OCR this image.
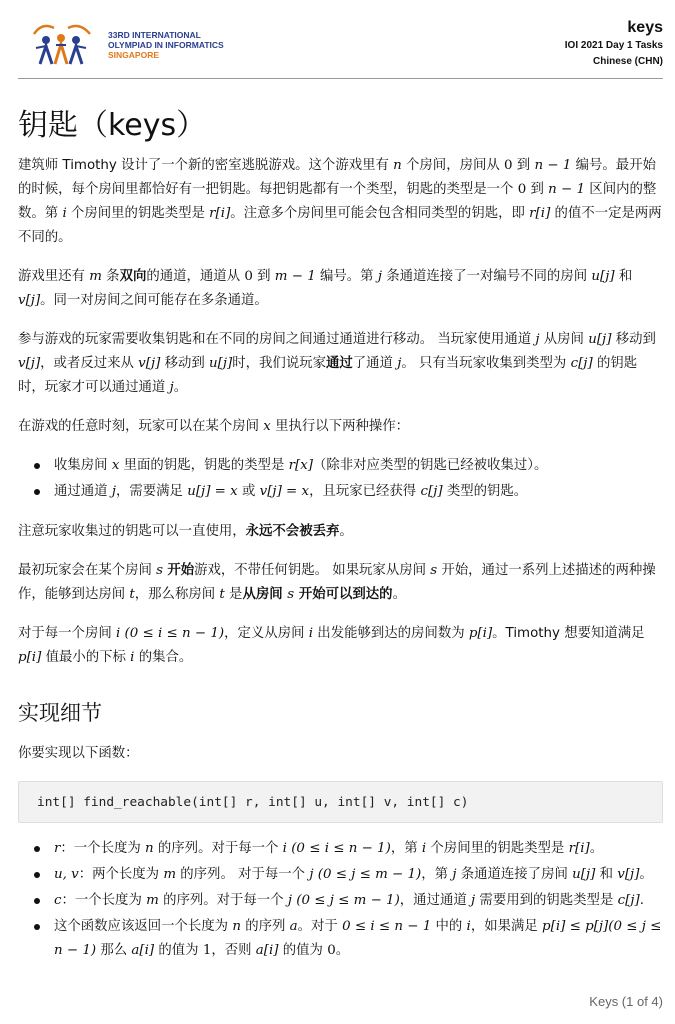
33RD INTERNATIONAL
OLYMPIAD IN INFORMATICS
SINGAPORE
keys
IOI 2021 Day 1 Tasks
Chinese (CHN)
钥匙（keys）

建筑师 Timothy 设计了一个新的密室逃脱游戏。这个游戏里有 n 个房间，房间从 0 到 n − 1 编号。最开始的时候，每个房间里都恰好有一把钥匙。每把钥匙都有一个类型，钥匙的类型是一个 0 到 n − 1 区间内的整数。第 i 个房间里的钥匙类型是 r[i]。注意多个房间里可能会包含相同类型的钥匙，即 r[i] 的值不一定是两两不同的。

游戏里还有 m 条双向的通道，通道从 0 到 m − 1 编号。第 j 条通道连接了一对编号不同的房间 u[j] 和 v[j]。同一对房间之间可能存在多条通道。

参与游戏的玩家需要收集钥匙和在不同的房间之间通过通道进行移动。 当玩家使用通道 j 从房间 u[j] 移动到 v[j]，或者反过来从 v[j] 移动到 u[j]时，我们说玩家通过了通道 j。 只有当玩家收集到类型为 c[j] 的钥匙时，玩家才可以通过通道 j。

在游戏的任意时刻，玩家可以在某个房间 x 里执行以下两种操作：

收集房间 x 里面的钥匙，钥匙的类型是 r[x]（除非对应类型的钥匙已经被收集过）。
通过通道 j，需要满足 u[j] = x 或 v[j] = x，且玩家已经获得 c[j] 类型的钥匙。

注意玩家收集过的钥匙可以一直使用，永远不会被丢弃。

最初玩家会在某个房间 s 开始游戏，不带任何钥匙。 如果玩家从房间 s 开始，通过一系列上述描述的两种操作，能够到达房间 t，那么称房间 t 是从房间 s 开始可以到达的。

对于每一个房间 i (0 ≤ i ≤ n − 1)，定义从房间 i 出发能够到达的房间数为 p[i]。Timothy 想要知道满足 p[i] 值最小的下标 i 的集合。

实现细节

你要实现以下函数：

int[] find_reachable(int[] r, int[] u, int[] v, int[] c)
r：一个长度为 n 的序列。对于每一个 i (0 ≤ i ≤ n − 1)，第 i 个房间里的钥匙类型是 r[i]。
u, v：两个长度为 m 的序列。 对于每一个 j (0 ≤ j ≤ m − 1)，第 j 条通道连接了房间 u[j] 和 v[j]。
c：一个长度为 m 的序列。对于每一个 j (0 ≤ j ≤ m − 1)，通过通道 j 需要用到的钥匙类型是 c[j].
这个函数应该返回一个长度为 n 的序列 a。对于 0 ≤ i ≤ n − 1 中的 i，如果满足 p[i] ≤ p[j](0 ≤ j ≤ n − 1) 那么 a[i] 的值为 1，否则 a[i] 的值为 0。
Keys (1 of 4)
